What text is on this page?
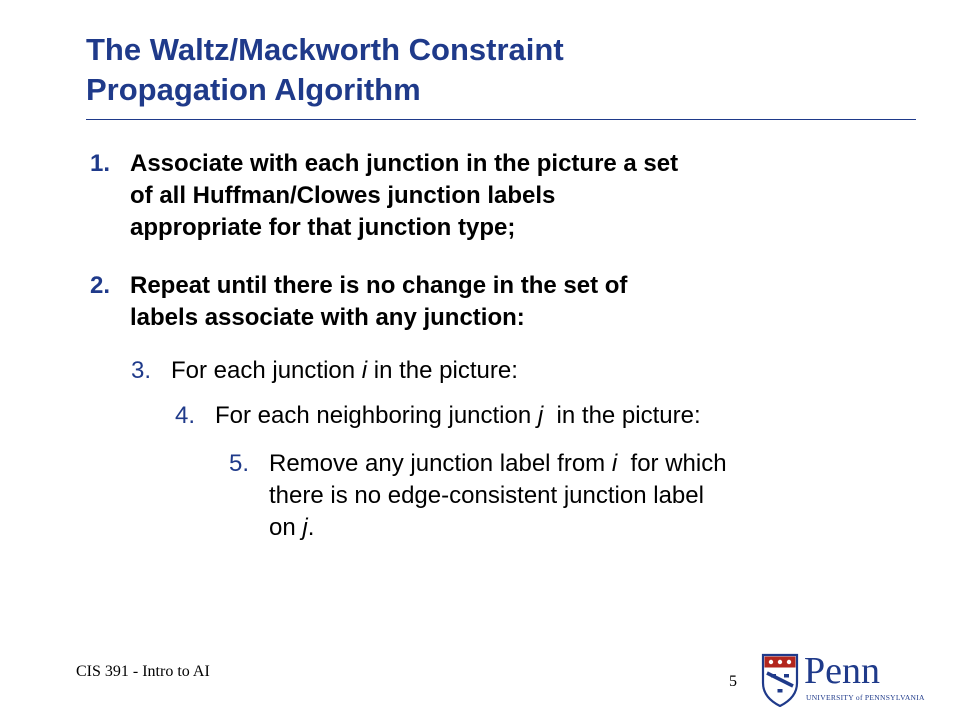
The Waltz/Mackworth Constraint
Propagation Algorithm
1. Associate with each junction in the picture a set
of all Huffman/Clowes junction labels
appropriate for that junction type;
2. Repeat until there is no change in the set of
labels associate with any junction:
3. For each junction i in the picture:
4. For each neighboring junction j  in the picture:
5. Remove any junction label from i  for which
there is no edge-consistent junction label
on j.
CIS 391 - Intro to AI
5 Penn
UNIVERSITY of PENNSYLVANIA
